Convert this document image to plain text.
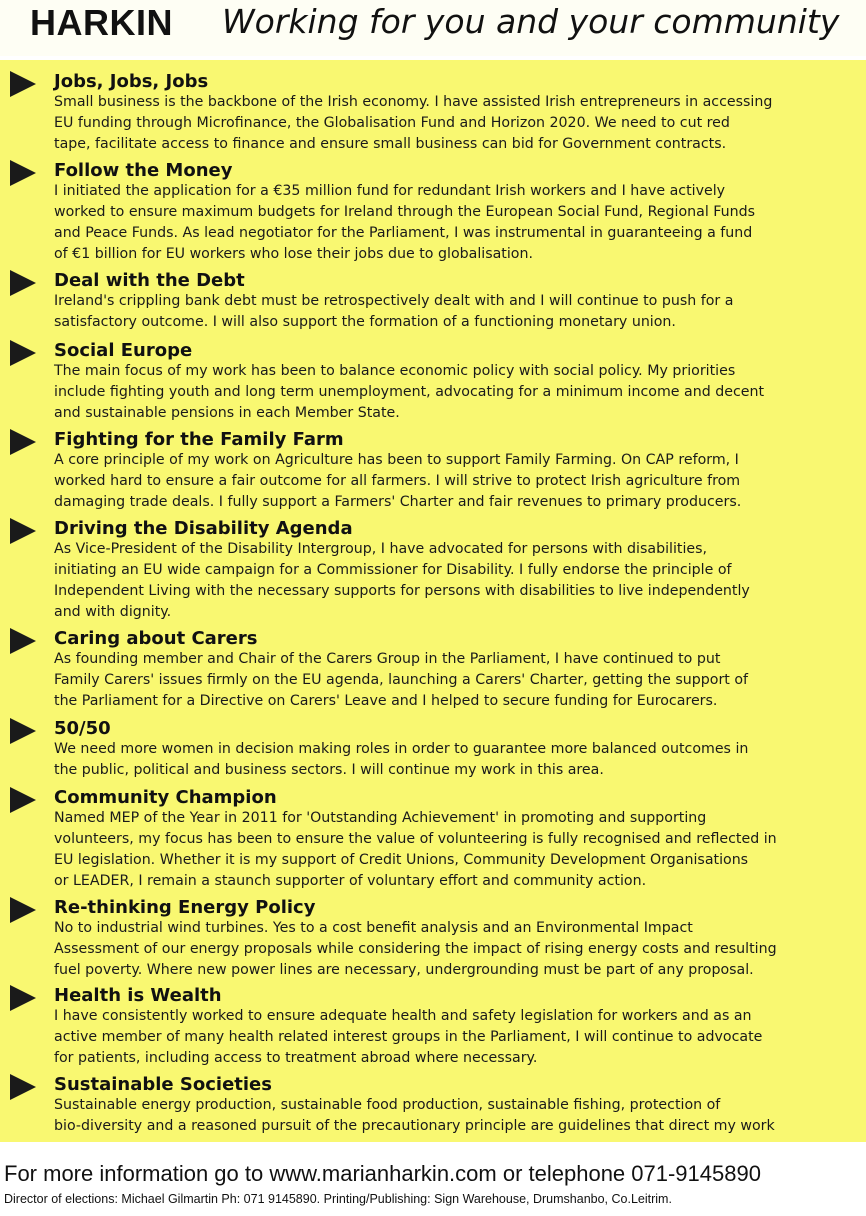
HARKIN Working for you and your community
Jobs, Jobs, Jobs
Small business is the backbone of the Irish economy. I have assisted Irish entrepreneurs in accessing
EU funding through Microfinance, the Globalisation Fund and Horizon 2020. We need to cut red
tape, facilitate access to finance and ensure small business can bid for Government contracts.
Follow the Money
I initiated the application for a €35 million fund for redundant Irish workers and I have actively
worked to ensure maximum budgets for Ireland through the European Social Fund, Regional Funds
and Peace Funds. As lead negotiator for the Parliament, I was instrumental in guaranteeing a fund
of €1 billion for EU workers who lose their jobs due to globalisation.
Deal with the Debt
Ireland's crippling bank debt must be retrospectively dealt with and I will continue to push for a
satisfactory outcome. I will also support the formation of a functioning monetary union.
Social Europe
The main focus of my work has been to balance economic policy with social policy. My priorities
include fighting youth and long term unemployment, advocating for a minimum income and decent
and sustainable pensions in each Member State.
Fighting for the Family Farm
A core principle of my work on Agriculture has been to support Family Farming. On CAP reform, I
worked hard to ensure a fair outcome for all farmers. I will strive to protect Irish agriculture from
damaging trade deals. I fully support a Farmers' Charter and fair revenues to primary producers.
Driving the Disability Agenda
As Vice-President of the Disability Intergroup, I have advocated for persons with disabilities,
initiating an EU wide campaign for a Commissioner for Disability. I fully endorse the principle of
Independent Living with the necessary supports for persons with disabilities to live independently
and with dignity.
Caring about Carers
As founding member and Chair of the Carers Group in the Parliament, I have continued to put
Family Carers' issues firmly on the EU agenda, launching a Carers' Charter, getting the support of
the Parliament for a Directive on Carers' Leave and I helped to secure funding for Eurocarers.
50/50
We need more women in decision making roles in order to guarantee more balanced outcomes in
the public, political and business sectors. I will continue my work in this area.
Community Champion
Named MEP of the Year in 2011 for 'Outstanding Achievement' in promoting and supporting
volunteers, my focus has been to ensure the value of volunteering is fully recognised and reflected in
EU legislation. Whether it is my support of Credit Unions, Community Development Organisations
or LEADER, I remain a staunch supporter of voluntary effort and community action.
Re-thinking Energy Policy
No to industrial wind turbines. Yes to a cost benefit analysis and an Environmental Impact
Assessment of our energy proposals while considering the impact of rising energy costs and resulting
fuel poverty. Where new power lines are necessary, undergrounding must be part of any proposal.
Health is Wealth
I have consistently worked to ensure adequate health and safety legislation for workers and as an
active member of many health related interest groups in the Parliament, I will continue to advocate
for patients, including access to treatment abroad where necessary.
Sustainable Societies
Sustainable energy production, sustainable food production, sustainable fishing, protection of
bio-diversity and a reasoned pursuit of the precautionary principle are guidelines that direct my work
For more information go to www.marianharkin.com or telephone 071-9145890
Director of elections: Michael Gilmartin Ph: 071 9145890. Printing/Publishing: Sign Warehouse, Drumshanbo, Co.Leitrim.
